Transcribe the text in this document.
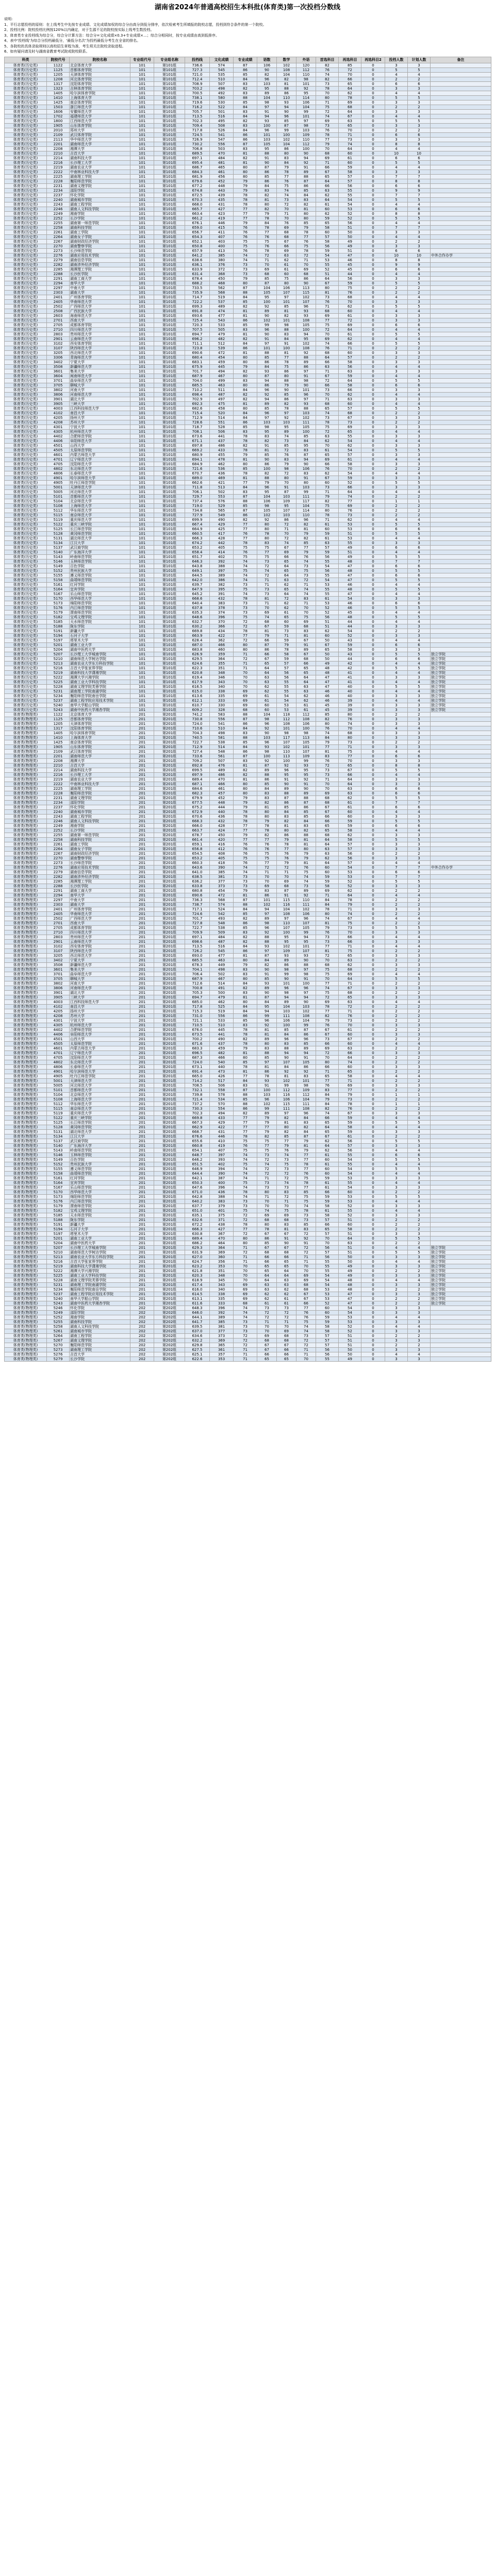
湖南省2024年普通高校招生本科批(体育类)第一次投档分数线
说明:
1、平行志愿投档的原则：在上线考生中先按专业成绩、文化成绩加权的综合分由高分到低分排序，依次检索考生所填报的院校志愿，投档到符合条件的第一个院校。
2、投档比例：院校投档比例按120%以内确定，对于生源不足的院校按实际上线考生数投档。
3、体育类专业投档线为综合分，综合分计算方法：综合分=文化成绩×0.3+专业成绩×…；综合分相同时，按专业成绩由高到低排序。
4、表中'投档线'为综合分投档最低分，'最低分名次'为投档最低分考生在全省的排名。
5、各院校的具体录取规则以高校招生章程为准，考生须关注院校录取进程。
6、如有疑问请及时与湖南省教育考试院或院校联系。
科类	院校代号	院校名称	专业组代号	专业组名称	投档线	文化成绩	专业成绩	语数	数学	外语	首选科目	再选科目	再选科目2	投档人数	计划人数	备注
体育类(历史类)	1122	北京体育大学	101	第101组	736.6	574	87	106	102	120	82	85	0	3	3	
体育类(历史类)	1125	首都体育学院	101	第101组	727.3	545	86	90	108	112	76	72	0	5	5	
体育类(历史类)	1205	天津体育学院	101	第101组	721.0	535	85	82	104	110	74	70	0	4	4	
体育类(历史类)	1208	河北体育学院	101	第101组	712.4	510	84	96	82	98	82	66	0	2	2	
体育类(历史类)	1317	沈阳体育学院	101	第101组	708.9	507	83	103	81	101	73	65	0	6	6	
体育类(历史类)	1323	吉林体育学院	101	第101组	703.2	498	82	95	88	92	78	64	0	3	3	
体育类(历史类)	1405	哈尔滨体育学院	101	第101组	700.5	492	83	89	86	95	70	62	0	4	4	
体育类(历史类)	1410	上海体育大学	101	第101组	738.1	580	88	104	110	114	80	78	0	5	5	
体育类(历史类)	1425	南京体育学院	101	第101组	719.6	530	85	98	93	106	71	69	0	3	3	
体育类(历史类)	1503	浙江师范大学	101	第101组	716.2	522	84	97	94	104	75	68	0	2	2	
体育类(历史类)	1606	安徽师范大学	101	第101组	705.7	501	83	91	90	99	72	64	0	3	3	
体育类(历史类)	1702	福建师范大学	101	第101组	713.5	516	84	94	96	101	74	67	0	4	4	
体育类(历史类)	1800	江西师范大学	101	第101组	702.3	495	82	93	85	97	69	63	0	5	5	
体育类(历史类)	1905	山东体育学院	101	第101组	709.4	508	83	100	87	98	73	65	0	3	3	
体育类(历史类)	2010	郑州大学	101	第101组	717.8	526	84	96	99	103	76	70	0	2	2	
体育类(历史类)	2109	武汉体育学院	101	第101组	724.5	541	86	101	100	109	78	71	0	6	6	
体育类(历史类)	2113	华中师范大学	101	第101组	726.9	547	86	103	102	110	77	73	0	3	3	
体育类(历史类)	2201	湖南师范大学	101	第101组	730.2	556	87	105	104	112	79	74	0	8	8	
体育类(历史类)	2208	湘潭大学	101	第101组	706.8	503	83	95	86	100	70	64	0	4	4	
体育类(历史类)	2210	吉首大学	101	第101组	689.5	470	81	88	80	90	68	60	0	10	10	
体育类(历史类)	2214	湖南科技大学	101	第101组	697.1	484	82	91	83	94	69	61	0	6	6	
体育类(历史类)	2216	长沙理工大学	101	第101组	695.4	481	81	90	84	92	71	60	0	5	5	
体育类(历史类)	2219	湖南农业大学	101	第101组	686.7	465	80	87	79	91	66	59	0	4	4	
体育类(历史类)	2222	中南林业科技大学	101	第101组	684.3	461	80	86	78	89	67	58	0	3	3	
体育类(历史类)	2225	湖南理工学院	101	第101组	681.9	456	80	85	77	88	65	57	0	7	7	
体育类(历史类)	2228	衡阳师范学院	101	第101组	679.6	452	79	86	76	87	64	57	0	8	8	
体育类(历史类)	2231	湖南文理学院	101	第101组	677.2	448	79	84	75	86	66	56	0	6	6	
体育类(历史类)	2234	邵阳学院	101	第101组	674.8	443	79	83	74	85	63	55	0	9	9	
体育类(历史类)	2237	怀化学院	101	第101组	672.5	439	78	82	74	84	62	55	0	7	7	
体育类(历史类)	2240	湖南城市学院	101	第101组	670.3	435	78	81	73	83	64	54	0	5	5	
体育类(历史类)	2243	湖南工程学院	101	第101组	668.0	431	78	80	72	82	61	54	0	4	4	
体育类(历史类)	2246	湖南人文科技学院	101	第101组	665.7	427	77	82	70	81	60	53	0	6	6	
体育类(历史类)	2249	湘南学院	101	第101组	663.4	423	77	79	71	80	62	52	0	8	8	
体育类(历史类)	2252	长沙学院	101	第101组	661.2	419	77	78	70	80	59	52	0	5	5	
体育类(历史类)	2255	湖南第一师范学院	101	第101组	676.1	446	79	84	76	85	65	56	0	4	4	
体育类(历史类)	2258	湖南科技学院	101	第101组	659.0	415	76	78	69	79	58	51	0	7	7	
体育类(历史类)	2261	湖南工学院	101	第101组	656.7	411	76	77	68	78	60	50	0	3	3	
体育类(历史类)	2264	湖南女子学院	101	第101组	654.3	407	76	76	68	77	57	50	0	4	4	
体育类(历史类)	2267	湖南财政经济学院	101	第101组	652.1	403	75	75	67	76	58	49	0	2	2	
体育类(历史类)	2270	湖南警察学院	101	第101组	650.8	400	75	76	66	75	56	49	0	3	3	
体育类(历史类)	2273	长沙师范学院	101	第101组	657.9	413	76	78	69	78	59	51	0	6	6	
体育类(历史类)	2276	湖南应用技术学院	101	第101组	641.2	385	74	72	63	72	54	47	0	10	10	中外合作办学
体育类(历史类)	2279	湖南信息学院	101	第101组	638.6	380	74	71	62	71	53	46	0	8	8	
体育类(历史类)	2282	湖南涉外经济学院	101	第101组	636.1	376	73	70	61	70	55	45	0	9	9	
体育类(历史类)	2285	湘潭理工学院	101	第101组	633.9	372	73	69	61	69	52	45	0	6	6	
体育类(历史类)	2288	长沙医学院	101	第101组	631.4	368	73	68	60	68	51	44	0	4	4	
体育类(历史类)	2291	湖南工商大学	101	第101组	678.4	450	79	85	75	86	64	56	0	3	3	
体育类(历史类)	2294	南华大学	101	第101组	688.2	468	80	87	80	90	67	59	0	5	5	
体育类(历史类)	2297	中南大学	101	第101组	733.5	562	87	104	106	113	80	75	0	2	2	
体育类(历史类)	2303	湖南大学	101	第101组	735.9	568	88	105	107	115	81	76	0	2	2	
体育类(历史类)	2401	广州体育学院	101	第101组	714.7	519	84	95	97	102	73	68	0	4	4	
体育类(历史类)	2405	华南师范大学	101	第101组	722.2	537	85	100	101	107	76	70	0	3	3	
体育类(历史类)	2502	广西师范大学	101	第101组	699.3	489	82	92	85	96	71	62	0	5	5	
体育类(历史类)	2508	广西民族大学	101	第101组	691.8	474	81	89	81	93	68	60	0	4	4	
体育类(历史类)	2603	海南师范大学	101	第101组	693.6	477	81	90	82	93	69	61	0	3	3	
体育类(历史类)	2701	西南大学	101	第101组	725.4	543	86	102	101	108	77	72	0	3	3	
体育类(历史类)	2705	成都体育学院	101	第101组	720.3	533	85	99	98	105	75	69	0	6	6	
体育类(历史类)	2710	四川师范大学	101	第101组	707.5	505	83	96	88	100	72	64	0	4	4	
体育类(历史类)	2803	贵州师范大学	101	第101组	694.7	479	81	90	83	94	70	61	0	5	5	
体育类(历史类)	2901	云南师范大学	101	第101组	696.2	482	82	91	84	95	69	62	0	4	4	
体育类(历史类)	3102	西安体育学院	101	第101组	711.1	512	84	97	91	102	74	66	0	5	5	
体育类(历史类)	3107	陕西师范大学	101	第101组	723.8	539	86	101	100	108	76	71	0	2	2	
体育类(历史类)	3205	西北师范大学	101	第101组	690.6	472	81	88	81	92	68	60	0	3	3	
体育类(历史类)	3306	青海师范大学	101	第101组	680.4	454	80	85	77	88	64	57	0	2	2	
体育类(历史类)	3402	宁夏大学	101	第101组	683.1	459	80	86	78	89	66	58	0	3	3	
体育类(历史类)	3508	新疆师范大学	101	第101组	675.9	445	79	84	75	86	63	56	0	4	4	
体育类(历史类)	3601	集美大学	101	第101组	701.7	494	82	93	86	97	71	63	0	3	3	
体育类(历史类)	3604	闽南师范大学	101	第101组	687.9	467	80	87	80	91	67	59	0	4	4	
体育类(历史类)	3701	曲阜师范大学	101	第101组	704.0	499	83	94	88	98	72	64	0	5	5	
体育类(历史类)	3705	聊城大学	101	第101组	685.5	463	80	86	79	90	66	58	0	6	6	
体育类(历史类)	3802	河南大学	101	第101组	710.2	511	84	96	90	101	73	66	0	3	3	
体育类(历史类)	3806	河南师范大学	101	第101组	698.4	487	82	92	85	96	70	62	0	4	4	
体育类(历史类)	3901	湖北大学	101	第101组	702.9	497	82	94	86	97	71	63	0	3	3	
体育类(历史类)	3905	三峡大学	101	第101组	692.3	475	81	89	82	93	68	60	0	4	4	
体育类(历史类)	4003	江西科技师范大学	101	第101组	682.6	458	80	85	78	88	65	57	0	5	5	
体育类(历史类)	4102	南昌大学	101	第101组	715.4	520	84	96	97	103	74	68	0	2	2	
体育类(历史类)	4205	扬州大学	101	第101组	712.9	514	84	97	92	102	73	67	0	3	3	
体育类(历史类)	4208	苏州大学	101	第101组	728.6	551	86	103	103	111	78	73	0	2	2	
体育类(历史类)	4301	宁波大学	101	第101组	718.7	528	85	98	95	105	75	69	0	3	3	
体育类(历史类)	4305	杭州师范大学	101	第101组	708.1	506	83	95	89	100	72	65	0	4	4	
体育类(历史类)	4402	合肥师范学院	101	第101组	673.6	441	78	83	74	85	63	55	0	3	3	
体育类(历史类)	4406	阜阳师范大学	101	第101组	671.1	437	78	82	73	84	62	54	0	4	4	
体育类(历史类)	4501	山西大学	101	第101组	697.8	486	82	91	85	95	70	62	0	3	3	
体育类(历史类)	4505	太原师范学院	101	第101组	669.2	433	78	81	72	83	61	54	0	5	5	
体育类(历史类)	4601	内蒙古师范大学	101	第101组	680.9	455	79	85	76	87	65	57	0	3	3	
体育类(历史类)	4701	辽宁师范大学	101	第101组	694.1	478	81	90	83	94	69	61	0	4	4	
体育类(历史类)	4705	沈阳师范大学	101	第101组	684.9	462	80	86	79	90	66	58	0	3	3	
体育类(历史类)	4802	东北师范大学	101	第101组	721.6	536	85	100	98	106	76	70	0	2	2	
体育类(历史类)	4806	长春师范大学	101	第101组	670.7	436	78	82	72	83	62	54	0	4	4	
体育类(历史类)	4901	哈尔滨师范大学	101	第101组	689.0	469	81	88	80	91	67	59	0	3	3	
体育类(历史类)	4905	牡丹江师范学院	101	第101组	662.6	421	77	79	70	80	60	52	0	5	5	
体育类(历史类)	5001	天津师范大学	101	第101组	711.8	513	84	96	91	103	73	66	0	3	3	
体育类(历史类)	5005	河北师范大学	101	第101组	706.1	502	83	95	87	99	71	64	0	4	4	
体育类(历史类)	5101	首都师范大学	101	第101组	729.7	553	87	104	103	111	79	74	0	2	2	
体育类(历史类)	5104	北京师范大学	101	第101组	737.4	576	88	106	109	117	82	77	0	1	1	
体育类(历史类)	5108	上海师范大学	101	第101组	719.0	529	85	98	95	104	75	69	0	2	2	
体育类(历史类)	5112	华东师范大学	101	第101组	734.8	565	87	105	107	114	80	76	0	2	2	
体育类(历史类)	5115	南京师范大学	101	第101组	727.9	549	86	102	103	110	78	73	0	2	2	
体育类(历史类)	5119	重庆师范大学	101	第101组	699.9	490	82	92	86	96	71	62	0	4	4	
体育类(历史类)	5122	重庆三峡学院	101	第101组	667.4	429	77	80	72	82	61	53	0	5	5	
体育类(历史类)	5125	长江师范学院	101	第101组	664.9	425	77	80	71	81	60	53	0	6	6	
体育类(历史类)	5128	黄冈师范学院	101	第101组	660.5	417	76	78	70	79	59	51	0	5	5	
体育类(历史类)	5131	湖北师范大学	101	第101组	666.3	428	77	80	72	82	61	53	0	4	4	
体育类(历史类)	5134	江汉大学	101	第101组	674.2	442	78	83	74	85	63	55	0	3	3	
体育类(历史类)	5137	武汉商学院	101	第101组	653.2	405	75	75	67	77	57	49	0	6	6	
体育类(历史类)	5140	广东海洋大学	101	第101组	658.4	414	76	77	69	79	59	51	0	4	4	
体育类(历史类)	5143	岭南师范学院	101	第101组	651.7	402	75	75	66	76	56	49	0	5	5	
体育类(历史类)	5146	玉林师范学院	101	第101组	646.3	392	74	73	65	74	55	48	0	7	7	
体育类(历史类)	5149	百色学院	101	第101组	643.8	388	74	72	64	73	54	47	0	6	6	
体育类(历史类)	5152	贵州民族大学	101	第101组	649.1	397	75	74	65	75	56	48	0	5	5	
体育类(历史类)	5155	遵义师范学院	101	第101组	644.5	389	74	72	64	73	55	47	0	6	6	
体育类(历史类)	5158	曲靖师范学院	101	第101组	642.0	386	74	71	63	72	54	47	0	5	5	
体育类(历史类)	5161	红河学院	101	第101组	639.7	382	73	71	62	71	53	46	0	4	4	
体育类(历史类)	5164	宜宾学院	101	第101组	647.9	395	75	73	65	74	55	48	0	5	5	
体育类(历史类)	5167	乐山师范学院	101	第101组	645.2	391	74	73	64	74	55	47	0	4	4	
体育类(历史类)	5170	西华师范大学	101	第101组	668.6	432	78	81	72	83	61	54	0	3	3	
体育类(历史类)	5173	绵阳师范学院	101	第101组	640.4	383	73	71	62	71	53	46	0	6	6	
体育类(历史类)	5176	内江师范学院	101	第101组	637.8	378	73	70	62	70	52	46	0	5	5	
体育类(历史类)	5179	渭南师范学院	101	第101组	635.3	374	73	69	61	70	52	45	0	4	4	
体育类(历史类)	5182	宝鸡文理学院	101	第101组	648.6	396	75	74	65	75	56	48	0	5	5	
体育类(历史类)	5185	天水师范学院	101	第101组	632.7	370	72	68	60	69	51	44	0	4	4	
体育类(历史类)	5188	陇东学院	101	第101组	630.2	366	72	67	59	68	51	44	0	3	3	
体育类(历史类)	5191	新疆大学	101	第101组	669.8	434	78	81	73	83	62	54	0	2	2	
体育类(历史类)	5194	石河子大学	101	第101组	663.9	422	77	79	71	81	60	52	0	3	3	
体育类(历史类)	5197	塔里木大学	101	第101组	628.4	362	72	66	59	67	50	43	0	4	4	
体育类(历史类)	5201	湖南工业大学	101	第101组	687.0	466	80	87	79	91	67	59	0	6	6	
体育类(历史类)	5204	湖南中医药大学	101	第101组	683.8	460	80	86	78	89	65	58	0	3	3	
体育类(历史类)	5207	长沙理工大学城南学院	101	第101组	626.9	359	71	66	58	67	50	43	0	5	5	独立学院
体育类(历史类)	5210	湖南师范大学树达学院	101	第101组	629.5	364	72	67	59	68	50	44	0	6	6	独立学院
体育类(历史类)	5213	湖南农业大学东方科技学院	101	第101组	624.6	355	71	65	57	66	49	42	0	4	4	独立学院
体育类(历史类)	5216	吉首大学张家界学院	101	第101组	622.3	351	71	64	57	65	48	42	0	5	5	独立学院
体育类(历史类)	5219	湖南科技大学潇湘学院	101	第101组	620.8	348	70	64	56	65	48	41	0	4	4	独立学院
体育类(历史类)	5222	湘潭大学兴湘学院	101	第101组	619.4	346	70	63	56	64	47	41	0	3	3	独立学院
体育类(历史类)	5225	湖南工业大学科技学院	101	第101组	617.9	343	70	63	55	64	47	41	0	4	4	独立学院
体育类(历史类)	5228	湖南文理学院芙蓉学院	101	第101组	616.5	340	70	62	55	63	47	40	0	5	5	独立学院
体育类(历史类)	5231	湖南理工学院南湖学院	101	第101组	615.0	338	69	62	55	63	46	40	0	4	4	独立学院
体育类(历史类)	5234	衡阳师范学院南岳学院	101	第101组	613.6	335	69	61	54	62	46	40	0	3	3	独立学院
体育类(历史类)	5237	湖南工程学院应用技术学院	101	第101组	612.1	333	69	61	54	62	46	39	0	4	4	独立学院
体育类(历史类)	5240	南华大学船山学院	101	第101组	610.7	330	69	60	53	61	45	39	0	3	3	独立学院
体育类(历史类)	5243	湖南中医药大学湘杏学院	101	第101组	609.2	328	68	60	53	61	45	39	0	3	3	独立学院
体育类(物理类)	1122	北京体育大学	201	第201组	741.2	583	88	104	118	112	85	80	0	2	2	
体育类(物理类)	1125	首都体育学院	201	第201组	730.8	556	87	98	112	108	82	76	0	3	3	
体育类(物理类)	1205	天津体育学院	201	第201组	724.0	541	86	96	108	106	80	74	0	3	3	
体育类(物理类)	1317	沈阳体育学院	201	第201组	710.6	510	84	92	101	100	76	70	0	4	4	
体育类(物理类)	1405	哈尔滨体育学院	201	第201组	704.3	498	83	90	98	98	74	68	0	3	3	
体育类(物理类)	1410	上海体育大学	201	第201组	740.5	581	88	103	117	113	84	80	0	3	3	
体育类(物理类)	1425	南京体育学院	201	第201组	722.7	538	85	96	107	105	79	73	0	2	2	
体育类(物理类)	1905	山东体育学院	201	第201组	712.9	514	84	93	102	101	77	71	0	3	3	
体育类(物理类)	2109	武汉体育学院	201	第201组	727.4	548	86	98	110	107	81	75	0	4	4	
体育类(物理类)	2201	湖南师范大学	201	第201组	733.6	561	87	100	113	109	83	77	0	6	6	
体育类(物理类)	2208	湘潭大学	201	第201组	709.2	507	83	92	100	99	76	70	0	3	3	
体育类(物理类)	2210	吉首大学	201	第201组	692.8	476	81	87	92	93	72	65	0	8	8	
体育类(物理类)	2214	湖南科技大学	201	第201组	699.5	489	82	89	96	95	73	67	0	5	5	
体育类(物理类)	2216	长沙理工大学	201	第201组	697.9	486	82	88	95	95	73	66	0	4	4	
体育类(物理类)	2219	湖南农业大学	201	第201组	689.4	470	81	86	91	92	71	64	0	3	3	
体育类(物理类)	2222	中南林业科技大学	201	第201组	687.1	466	80	85	90	91	70	64	0	3	3	
体育类(物理类)	2225	湖南理工学院	201	第201组	684.6	461	80	84	89	90	70	63	0	6	6	
体育类(物理类)	2228	衡阳师范学院	201	第201组	682.3	457	80	83	88	89	69	63	0	6	6	
体育类(物理类)	2231	湖南文理学院	201	第201组	679.9	452	79	83	87	88	68	62	0	5	5	
体育类(物理类)	2234	邵阳学院	201	第201组	677.5	448	79	82	86	87	68	61	0	7	7	
体育类(物理类)	2237	怀化学院	201	第201组	675.2	444	79	81	85	86	67	61	0	6	6	
体育类(物理类)	2240	湖南城市学院	201	第201组	672.9	440	78	80	84	85	67	60	0	4	4	
体育类(物理类)	2243	湖南工程学院	201	第201组	670.6	436	78	80	83	85	66	60	0	3	3	
体育类(物理类)	2246	湖南人文科技学院	201	第201组	668.3	432	78	79	82	84	66	59	0	5	5	
体育类(物理类)	2249	湘南学院	201	第201组	666.0	428	77	78	81	83	65	59	0	6	6	
体育类(物理类)	2252	长沙学院	201	第201组	663.7	424	77	78	80	82	65	58	0	4	4	
体育类(物理类)	2255	湖南第一师范学院	201	第201组	678.7	450	79	82	86	88	68	62	0	3	3	
体育类(物理类)	2258	湖南科技学院	201	第201组	661.4	420	77	77	79	81	64	58	0	5	5	
体育类(物理类)	2261	湖南工学院	201	第201组	659.1	416	76	76	78	81	64	57	0	3	3	
体育类(物理类)	2264	湖南女子学院	201	第201组	656.8	412	76	76	77	80	63	57	0	3	3	
体育类(物理类)	2267	湖南财政经济学院	201	第201组	654.5	408	76	75	76	79	63	56	0	2	2	
体育类(物理类)	2270	湖南警察学院	201	第201组	653.2	405	75	75	76	79	62	56	0	3	3	
体育类(物理类)	2273	长沙师范学院	201	第201组	660.3	418	76	77	79	81	64	57	0	4	4	
体育类(物理类)	2276	湖南应用技术学院	201	第201组	643.6	390	74	72	72	76	60	54	0	7	7	中外合作办学
体育类(物理类)	2279	湖南信息学院	201	第201组	641.0	385	74	71	71	75	60	53	0	6	6	
体育类(物理类)	2282	湖南涉外经济学院	201	第201组	638.5	381	73	70	70	74	59	53	0	7	7	
体育类(物理类)	2285	湘潭理工学院	201	第201组	636.2	377	73	70	69	74	59	52	0	5	5	
体育类(物理类)	2288	长沙医学院	201	第201组	633.8	373	73	69	68	73	58	52	0	3	3	
体育类(物理类)	2291	湖南工商大学	201	第201组	680.8	454	79	83	87	89	69	62	0	2	2	
体育类(物理类)	2294	南华大学	201	第201组	690.6	472	81	86	91	92	71	64	0	4	4	
体育类(物理类)	2297	中南大学	201	第201组	736.3	568	87	101	115	110	84	78	0	2	2	
体育类(物理类)	2303	湖南大学	201	第201组	738.7	574	88	102	116	111	84	79	0	2	2	
体育类(物理类)	2401	广州体育学院	201	第201组	717.1	524	84	94	104	102	78	71	0	3	3	
体育类(物理类)	2405	华南师范大学	201	第201组	724.6	542	85	97	108	106	80	74	0	2	2	
体育类(物理类)	2502	广西师范大学	201	第201组	701.7	493	82	89	97	96	74	67	0	4	4	
体育类(物理类)	2701	西南大学	201	第201组	727.8	548	86	98	110	107	81	75	0	2	2	
体育类(物理类)	2705	成都体育学院	201	第201组	722.7	538	85	96	107	105	79	73	0	5	5	
体育类(物理类)	2710	四川师范大学	201	第201组	709.9	509	83	92	100	99	76	70	0	3	3	
体育类(物理类)	2803	贵州师范大学	201	第201组	697.1	484	82	88	95	94	73	66	0	4	4	
体育类(物理类)	2901	云南师范大学	201	第201组	698.6	487	82	88	95	95	73	66	0	3	3	
体育类(物理类)	3102	西安体育学院	201	第201组	713.5	516	84	93	102	101	77	71	0	4	4	
体育类(物理类)	3107	陕西师范大学	201	第201组	726.2	545	86	97	109	107	81	75	0	2	2	
体育类(物理类)	3205	西北师范大学	201	第201组	693.0	477	81	87	93	93	72	65	0	3	3	
体育类(物理类)	3402	宁夏大学	201	第201组	685.5	463	80	84	89	90	70	63	0	2	2	
体育类(物理类)	3508	新疆师范大学	201	第201组	678.3	449	79	82	86	88	68	62	0	3	3	
体育类(物理类)	3601	集美大学	201	第201组	704.1	498	83	90	98	97	75	68	0	2	2	
体育类(物理类)	3701	曲阜师范大学	201	第201组	706.4	502	83	91	99	98	75	69	0	4	4	
体育类(物理类)	3705	聊城大学	201	第201组	687.9	467	80	85	90	91	70	64	0	5	5	
体育类(物理类)	3802	河南大学	201	第201组	712.6	514	84	93	101	100	77	71	0	2	2	
体育类(物理类)	3806	河南师范大学	201	第201组	700.8	491	82	89	96	96	74	67	0	3	3	
体育类(物理类)	3901	湖北大学	201	第201组	705.3	500	83	90	98	97	75	68	0	2	2	
体育类(物理类)	3905	三峡大学	201	第201组	694.7	479	81	87	94	94	72	65	0	3	3	
体育类(物理类)	4003	江西科技师范大学	201	第201组	685.0	462	80	84	89	90	69	63	0	4	4	
体育类(物理类)	4102	南昌大学	201	第201组	717.8	525	84	95	104	103	78	72	0	2	2	
体育类(物理类)	4205	扬州大学	201	第201组	715.3	519	84	94	103	102	77	71	0	2	2	
体育类(物理类)	4208	苏州大学	201	第201组	731.0	556	86	99	111	108	82	76	0	2	2	
体育类(物理类)	4301	宁波大学	201	第201组	721.1	533	85	96	106	104	79	73	0	2	2	
体育类(物理类)	4305	杭州师范大学	201	第201组	710.5	510	83	92	100	99	76	70	0	3	3	
体育类(物理类)	4402	合肥师范学院	201	第201组	676.0	445	78	81	85	87	67	61	0	2	2	
体育类(物理类)	4406	阜阳师范大学	201	第201组	673.5	441	78	81	84	86	67	60	0	3	3	
体育类(物理类)	4501	山西大学	201	第201组	700.2	490	82	89	96	96	73	67	0	2	2	
体育类(物理类)	4505	太原师范学院	201	第201组	671.6	437	78	80	83	85	66	60	0	4	4	
体育类(物理类)	4601	内蒙古师范大学	201	第201组	683.3	459	79	83	88	89	69	63	0	2	2	
体育类(物理类)	4701	辽宁师范大学	201	第201组	696.5	482	81	88	94	94	72	66	0	3	3	
体育类(物理类)	4705	沈阳师范大学	201	第201组	687.3	466	80	85	90	91	70	64	0	2	2	
体育类(物理类)	4802	东北师范大学	201	第201组	724.0	540	85	97	107	105	80	74	0	2	2	
体育类(物理类)	4806	长春师范大学	201	第201组	673.1	440	78	81	84	86	66	60	0	3	3	
体育类(物理类)	4901	哈尔滨师范大学	201	第201组	691.4	473	81	86	92	92	71	65	0	2	2	
体育类(物理类)	4905	牡丹江师范学院	201	第201组	665.0	426	77	78	81	83	65	58	0	4	4	
体育类(物理类)	5001	天津师范大学	201	第201组	714.2	517	84	93	102	101	77	71	0	2	2	
体育类(物理类)	5005	河北师范大学	201	第201组	708.5	506	83	91	99	98	76	69	0	3	3	
体育类(物理类)	5101	首都师范大学	201	第201组	732.1	558	87	100	112	109	83	77	0	2	2	
体育类(物理类)	5104	北京师范大学	201	第201组	739.8	578	88	103	116	112	84	79	0	1	1	
体育类(物理类)	5108	上海师范大学	201	第201组	721.4	534	85	96	106	104	79	73	0	2	2	
体育类(物理类)	5112	华东师范大学	201	第201组	737.2	570	88	102	115	111	84	78	0	1	1	
体育类(物理类)	5115	南京师范大学	201	第201组	730.3	554	86	99	111	108	82	76	0	2	2	
体育类(物理类)	5119	重庆师范大学	201	第201组	702.3	494	82	89	97	96	74	67	0	3	3	
体育类(物理类)	5122	重庆三峡学院	201	第201组	669.8	433	77	79	82	84	66	59	0	4	4	
体育类(物理类)	5125	长江师范学院	201	第201组	667.3	429	77	79	81	83	65	59	0	5	5	
体育类(物理类)	5128	黄冈师范学院	201	第201组	662.9	422	77	77	80	82	64	58	0	4	4	
体育类(物理类)	5131	湖北师范大学	201	第201组	668.7	431	77	79	82	84	65	59	0	3	3	
体育类(物理类)	5134	江汉大学	201	第201组	676.6	446	78	82	85	87	67	61	0	2	2	
体育类(物理类)	5137	武汉商学院	201	第201组	655.6	410	75	75	77	79	62	56	0	5	5	
体育类(物理类)	5140	广东海洋大学	201	第201组	660.8	419	76	77	79	81	64	57	0	3	3	
体育类(物理类)	5143	岭南师范学院	201	第201组	654.1	407	75	75	76	79	62	56	0	4	4	
体育类(物理类)	5146	玉林师范学院	201	第201组	648.7	397	74	73	74	77	61	55	0	6	6	
体育类(物理类)	5149	百色学院	201	第201组	646.2	393	74	72	73	77	60	54	0	5	5	
体育类(物理类)	5152	贵州民族大学	201	第201组	651.5	402	75	74	75	78	61	55	0	4	4	
体育类(物理类)	5155	遵义师范学院	201	第201组	646.9	394	74	72	73	77	60	54	0	5	5	
体育类(物理类)	5158	曲靖师范学院	201	第201组	644.4	390	74	72	72	76	60	54	0	4	4	
体育类(物理类)	5161	红河学院	201	第201组	642.1	387	74	71	72	75	59	53	0	3	3	
体育类(物理类)	5164	宜宾学院	201	第201组	650.3	400	75	73	74	78	61	55	0	4	4	
体育类(物理类)	5167	乐山师范学院	201	第201组	647.6	396	74	73	73	77	61	54	0	3	3	
体育类(物理类)	5170	西华师范大学	201	第201组	671.0	436	78	80	83	85	66	60	0	2	2	
体育类(物理类)	5173	绵阳师范学院	201	第201组	642.8	388	74	71	72	75	59	53	0	5	5	
体育类(物理类)	5176	内江师范学院	201	第201组	640.2	383	73	70	71	75	59	53	0	4	4	
体育类(物理类)	5179	渭南师范学院	201	第201组	637.7	379	73	70	70	74	58	52	0	3	3	
体育类(物理类)	5182	宝鸡文理学院	201	第201组	651.0	401	75	74	75	78	61	55	0	4	4	
体育类(物理类)	5185	天水师范学院	201	第201组	635.1	375	72	69	69	73	58	52	0	3	3	
体育类(物理类)	5188	陇东学院	201	第201组	632.6	371	72	68	68	73	57	51	0	2	2	
体育类(物理类)	5191	新疆大学	201	第201组	672.2	438	78	80	83	85	66	60	0	2	2	
体育类(物理类)	5194	石河子大学	201	第201组	666.3	427	77	78	81	83	65	58	0	2	2	
体育类(物理类)	5197	塔里木大学	201	第201组	630.8	367	72	67	67	72	57	51	0	3	3	
体育类(物理类)	5201	湖南工业大学	201	第201组	689.4	470	80	86	91	92	70	64	0	5	5	
体育类(物理类)	5204	湖南中医药大学	201	第201组	686.2	464	80	85	90	91	70	63	0	2	2	
体育类(物理类)	5207	长沙理工大学城南学院	201	第201组	629.3	364	71	67	67	72	56	51	0	4	4	独立学院
体育类(物理类)	5210	湖南师范大学树达学院	201	第201组	631.9	369	72	68	68	72	57	51	0	5	5	独立学院
体育类(物理类)	5213	湖南农业大学东方科技学院	201	第201组	627.0	360	71	66	66	71	56	50	0	3	3	独立学院
体育类(物理类)	5216	吉首大学张家界学院	201	第201组	624.7	356	71	66	65	71	55	50	0	4	4	独立学院
体育类(物理类)	5219	湖南科技大学潇湘学院	201	第201组	623.2	353	70	65	65	70	55	49	0	3	3	独立学院
体育类(物理类)	5222	湘潭大学兴湘学院	201	第201组	621.8	351	70	65	64	70	55	49	0	2	2	独立学院
体育类(物理类)	5225	湖南工业大学科技学院	201	第201组	620.3	348	70	64	64	69	54	49	0	3	3	独立学院
体育类(物理类)	5228	湖南文理学院芙蓉学院	201	第201组	618.9	345	70	64	63	69	54	48	0	4	4	独立学院
体育类(物理类)	5231	湖南理工学院南湖学院	201	第201组	617.4	343	69	63	63	68	54	48	0	3	3	独立学院
体育类(物理类)	5234	衡阳师范学院南岳学院	201	第201组	616.0	340	69	63	62	68	53	48	0	2	2	独立学院
体育类(物理类)	5237	湖南工程学院应用技术学院	201	第201组	614.5	338	69	62	62	67	53	47	0	3	3	独立学院
体育类(物理类)	5240	南华大学船山学院	201	第201组	613.1	335	69	62	61	67	53	47	0	2	2	独立学院
体育类(物理类)	5243	湖南中医药大学湘杏学院	201	第201组	611.6	333	68	61	61	66	52	47	0	2	2	独立学院
体育类(物理类)	5246	怀化学院	202	第202组	648.3	396	74	73	73	77	60	54	0	3	3	
体育类(物理类)	5249	邵阳学院	202	第202组	646.0	392	74	72	72	76	60	54	0	3	3	
体育类(物理类)	5252	湘南学院	202	第202组	644.1	389	74	72	72	76	59	53	0	4	4	
体育类(物理类)	5255	湖南科技学院	202	第202组	641.7	385	73	71	71	75	59	53	0	3	3	
体育类(物理类)	5258	湖南人文科技学院	202	第202组	639.5	381	73	70	70	74	58	52	0	4	4	
体育类(物理类)	5261	湖南城市学院	202	第202组	637.0	377	73	70	69	74	58	52	0	3	3	
体育类(物理类)	5264	湖南工程学院	202	第202组	634.6	373	72	69	68	73	57	51	0	2	2	
体育类(物理类)	5267	湖南文理学院	202	第202组	632.2	369	72	68	68	72	57	51	0	3	3	
体育类(物理类)	5270	衡阳师范学院	202	第202组	629.8	365	72	67	67	72	57	51	0	2	2	
体育类(物理类)	5273	湖南理工学院	202	第202组	627.5	361	71	67	66	71	56	50	0	3	3	
体育类(物理类)	5276	吉首大学	202	第202组	625.1	357	71	66	66	71	56	50	0	4	4	
体育类(物理类)	5279	长沙学院	202	第202组	622.6	353	71	65	65	70	55	49	0	3	3	
